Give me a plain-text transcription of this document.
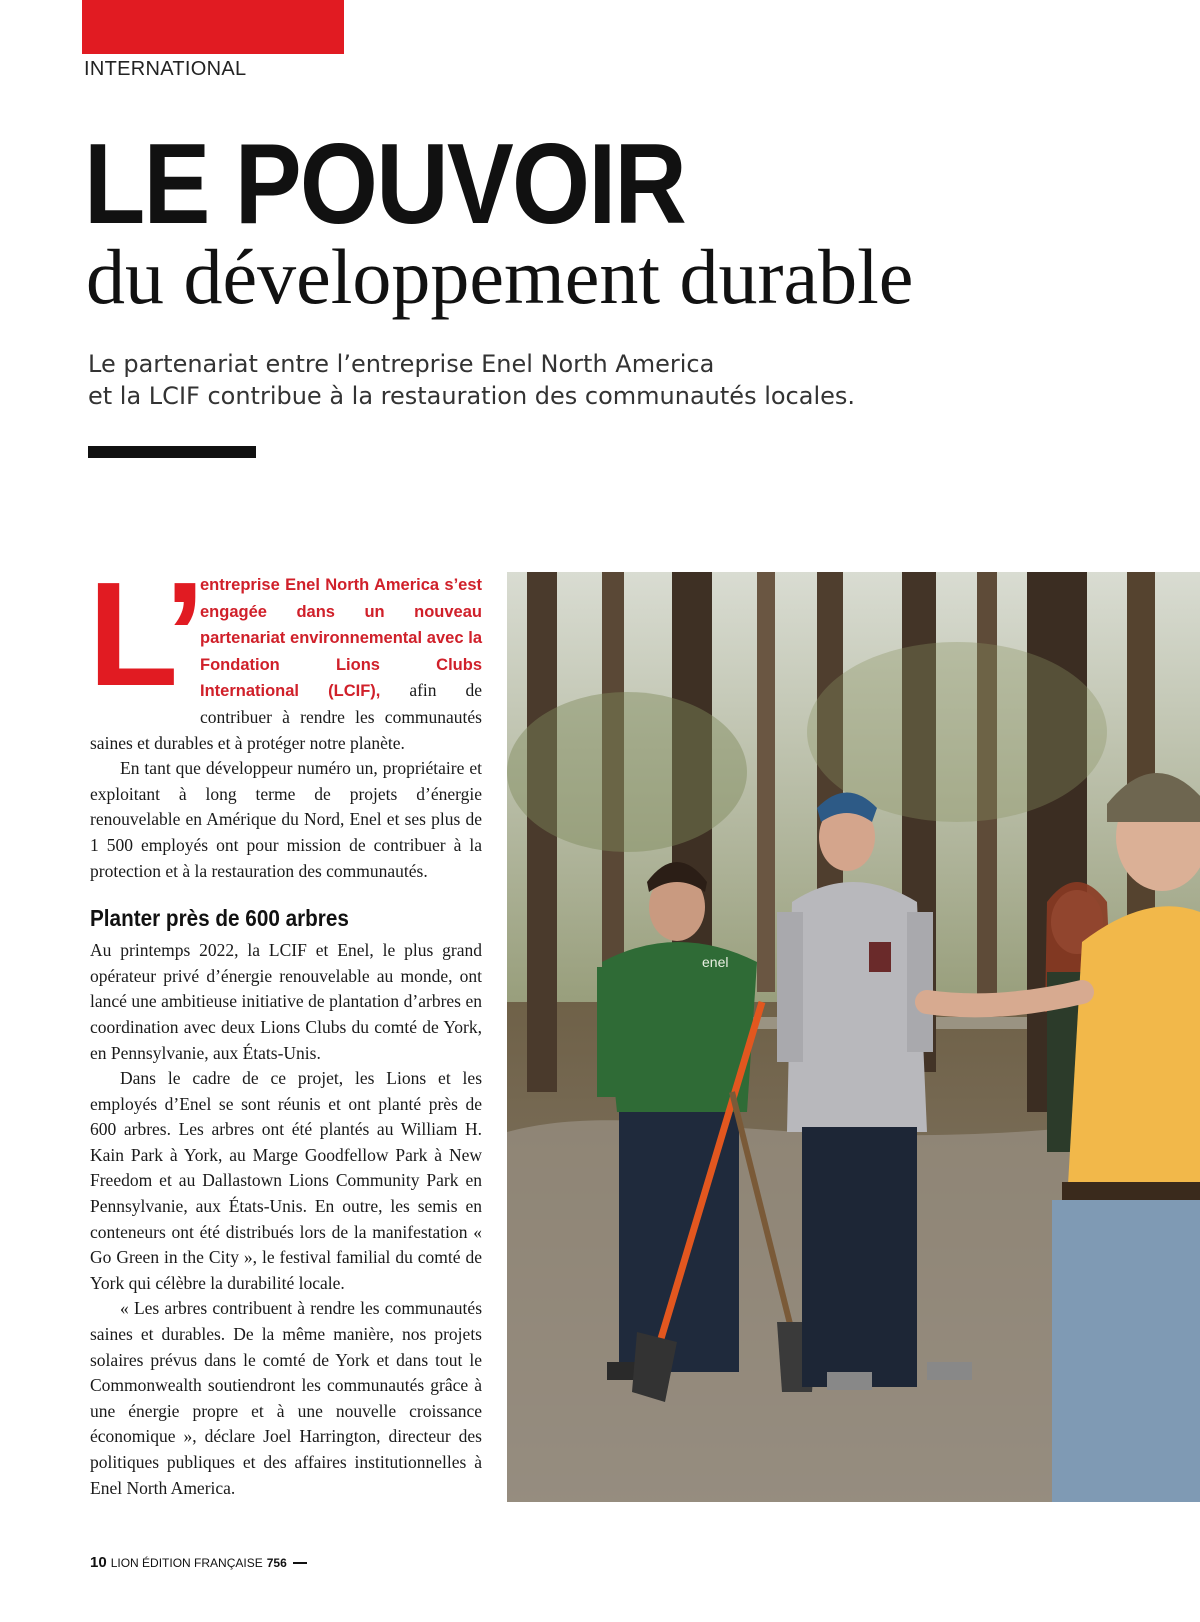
INTERNATIONAL
LE POUVOIR
du développement durable
Le partenariat entre l’entreprise Enel North America
et la LCIF contribue à la restauration des communautés locales.

L’ entreprise Enel North America s’est engagée dans un nouveau partenariat environnemental avec la Fondation Lions Clubs International (LCIF), afin de contribuer à rendre les communautés saines et durables et à protéger notre planète.

En tant que développeur numéro un, propriétaire et exploitant à long terme de projets d’énergie renouvelable en Amérique du Nord, Enel et ses plus de 1 500 employés ont pour mission de contribuer à la protection et à la restauration des communautés.

Planter près de 600 arbres

Au printemps 2022, la LCIF et Enel, le plus grand opérateur privé d’énergie renouvelable au monde, ont lancé une ambitieuse initiative de plantation d’arbres en coordination avec deux Lions Clubs du comté de York, en Pennsylvanie, aux États-Unis.

Dans le cadre de ce projet, les Lions et les employés d’Enel se sont réunis et ont planté près de 600 arbres. Les arbres ont été plantés au William H. Kain Park à York, au Marge Goodfellow Park à New Freedom et au Dallastown Lions Community Park en Pennsylvanie, aux États-Unis. En outre, les semis en conteneurs ont été distribués lors de la manifestation « Go Green in the City », le festival familial du comté de York qui célèbre la durabilité locale.

« Les arbres contribuent à rendre les communautés saines et durables. De la même manière, nos projets solaires prévus dans le comté de York et dans tout le Commonwealth soutiendront les communautés grâce à une énergie propre et à une nouvelle croissance économique », déclare Joel Harrington, directeur des politiques publiques et des affaires institutionnelles à Enel North America.

enel
10 LION ÉDITION FRANÇAISE 756
